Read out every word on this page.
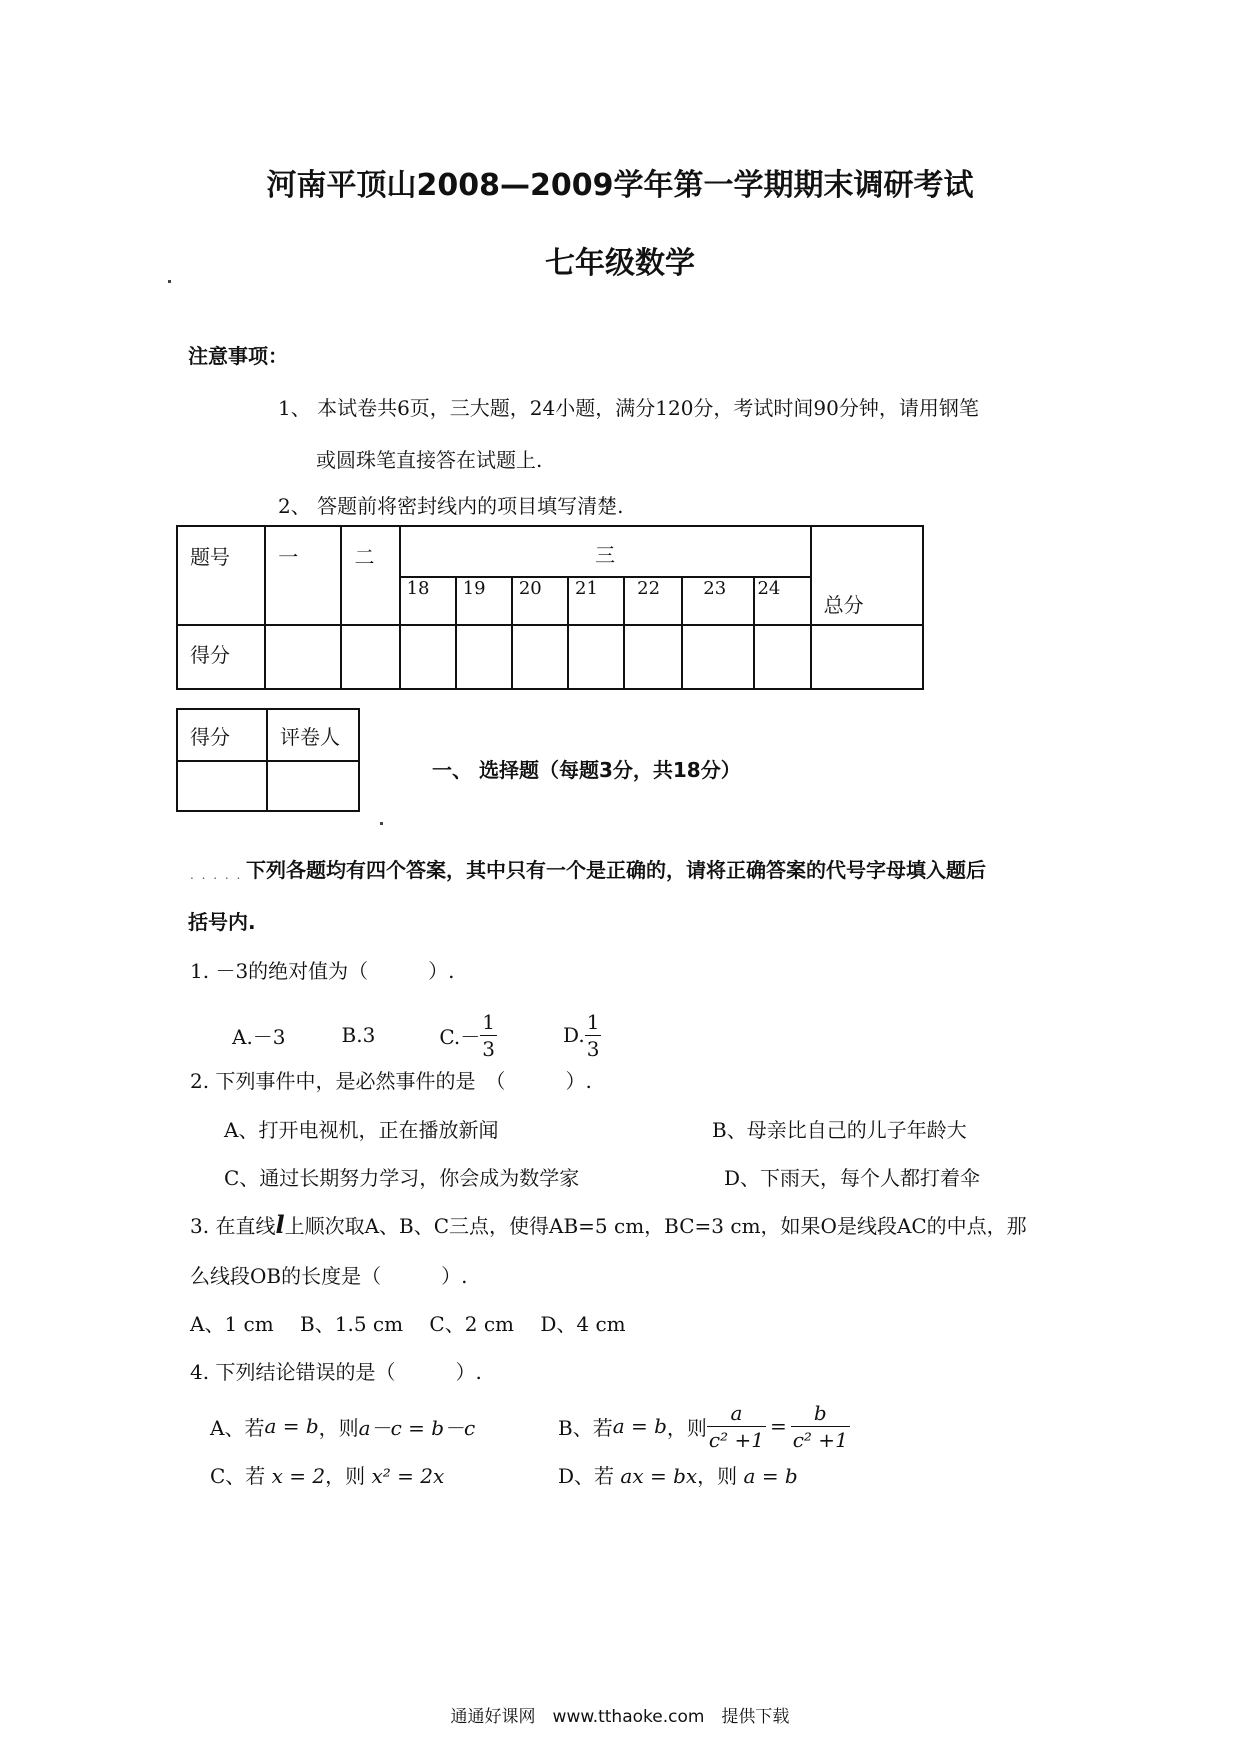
河南平顶山2008—2009学年第一学期期末调研考试
七年级数学
注意事项：
1、 本试卷共6页，三大题，24小题，满分120分，考试时间90分钟，请用钢笔
或圆珠笔直接答在试题上.
2、 答题前将密封线内的项目填写清楚.
题号	一	二	三							总分

			18	19	20	21	22	23	24	

得分										

得分	评卷人

一、 选择题（每题3分，共18分）
. . . . . 下列各题均有四个答案，其中只有一个是正确的，请将正确答案的代号字母填入题后
括号内.
1. －3的绝对值为（　　　）.
A.－3	B.3	$C.- \frac{1}{3}$	D. $\frac{1}{3}$
2. 下列事件中，是必然事件的是　（　　　）.
A、打开电视机，正在播放新闻	B、母亲比自己的儿子年龄大
C、通过长期努力学习，你会成为数学家	D、下雨天，每个人都打着伞
3. 在直线l上顺次取A、B、C三点，使得AB=5 cm，BC=3 cm，如果O是线段AC的中点，那
么线段OB的长度是（　　　）.
A、1 cm　 B、1.5 cm　 C、2 cm　 D、4 cm
4. 下列结论错误的是（　　　）.
A、若 a = b ，则 a－c = b－c	B、若 a = b ，则 $\frac{a}{\text{c² +1}} = \frac{b}{\text{c² +1}}$
C、若 x = 2，则 x² = 2x	D、若 ax = bx，则 a = b
通通好课网　www.tthaoke.com　提供下载
